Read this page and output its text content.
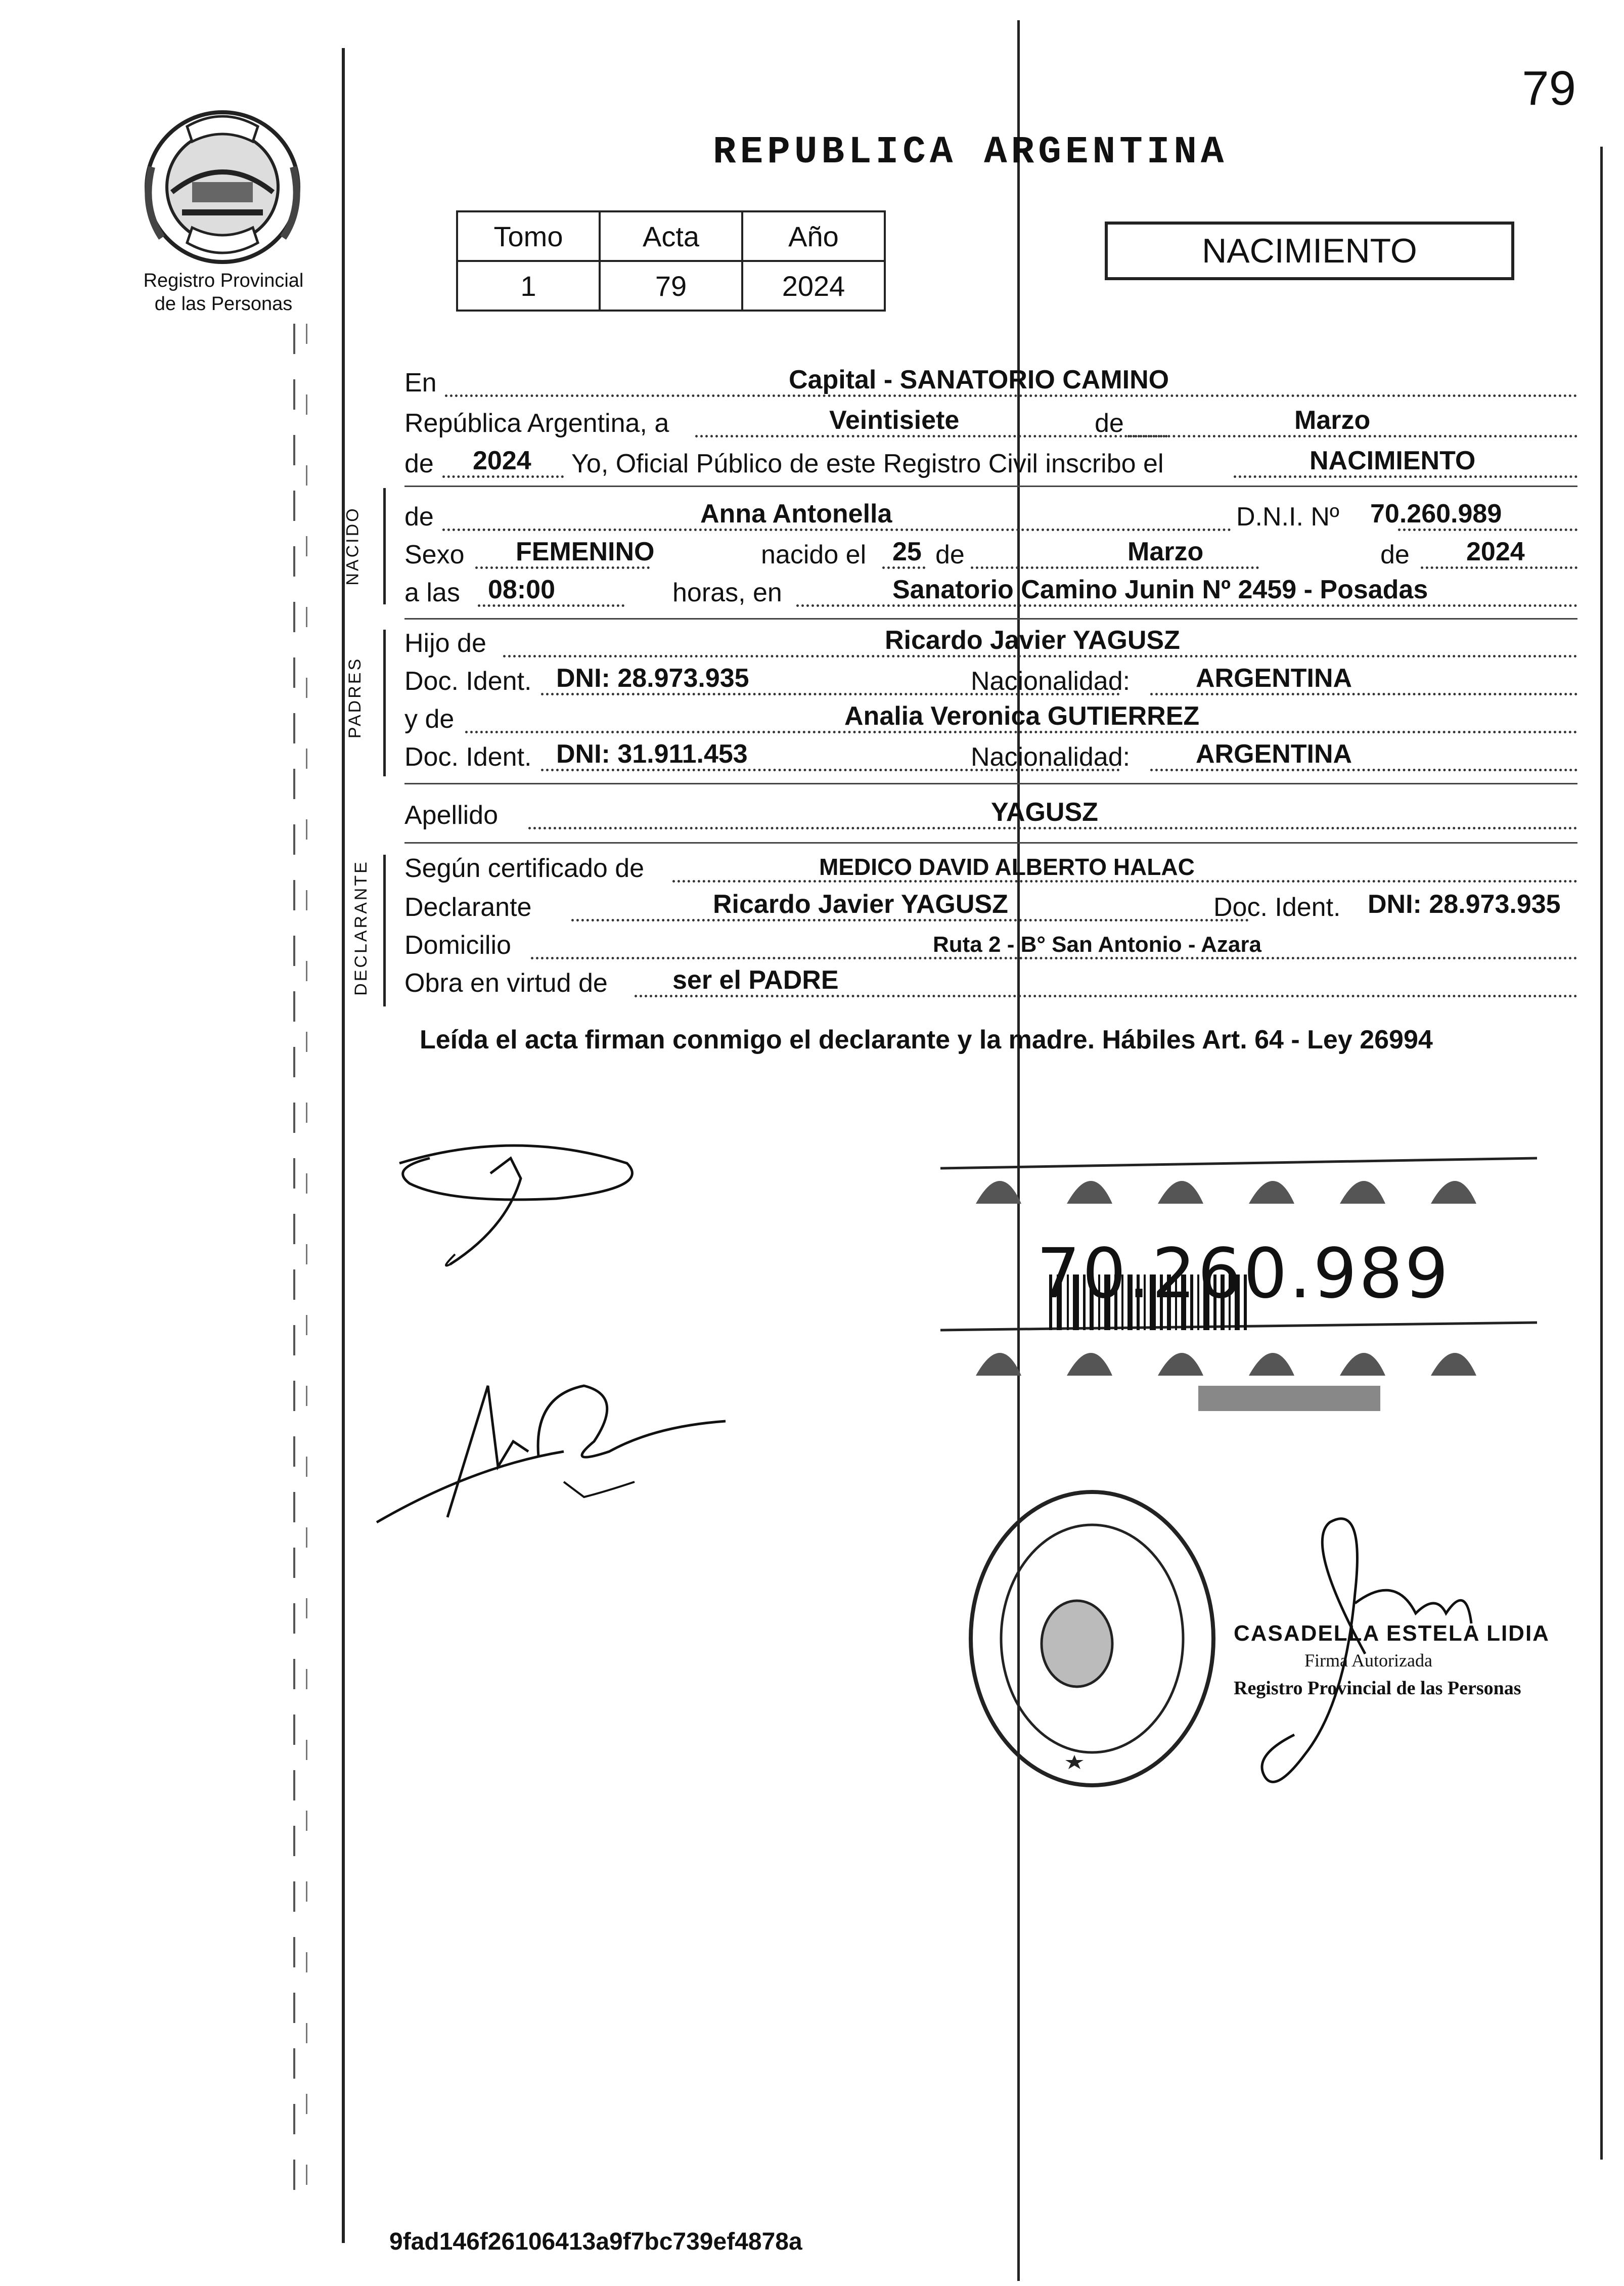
79
Registro Provincial
de las Personas
REPUBLICA ARGENTINA
Tomo	Acta	Año
1	79	2024
NACIMIENTO
En	Capital - SANATORIO CAMINO
República Argentina, a	Veintisiete	de	Marzo
de 2024 Yo, Oficial Público de este Registro Civil inscribo el	NACIMIENTO
NACIDO de	Anna Antonella	D.N.I. Nº 70.260.989
Sexo FEMENINO	nacido el 25 de	Marzo	de 2024
a las 08:00	horas, en	Sanatorio Camino Junin Nº 2459 - Posadas
PADRES
Hijo de	Ricardo Javier YAGUSZ
Doc. Ident. DNI: 28.973.935	Nacionalidad: ARGENTINA
y de	Analia Veronica GUTIERREZ
Doc. Ident. DNI: 31.911.453	Nacionalidad: ARGENTINA
Apellido	YAGUSZ
DECLARANTE Según certificado de	MEDICO DAVID ALBERTO HALAC
Declarante	Ricardo Javier YAGUSZ	Doc. Ident. DNI: 28.973.935
Domicilio	Ruta 2 - B° San Antonio - Azara
Obra en virtud de ser el PADRE
Leída el acta firman conmigo el declarante y la madre. Hábiles Art. 64 - Ley 26994
70.260.989
CASADELLA ESTELA LIDIA
Firma Autorizada
Registro Provincial de las Personas
9fad146f26106413a9f7bc739ef4878a
